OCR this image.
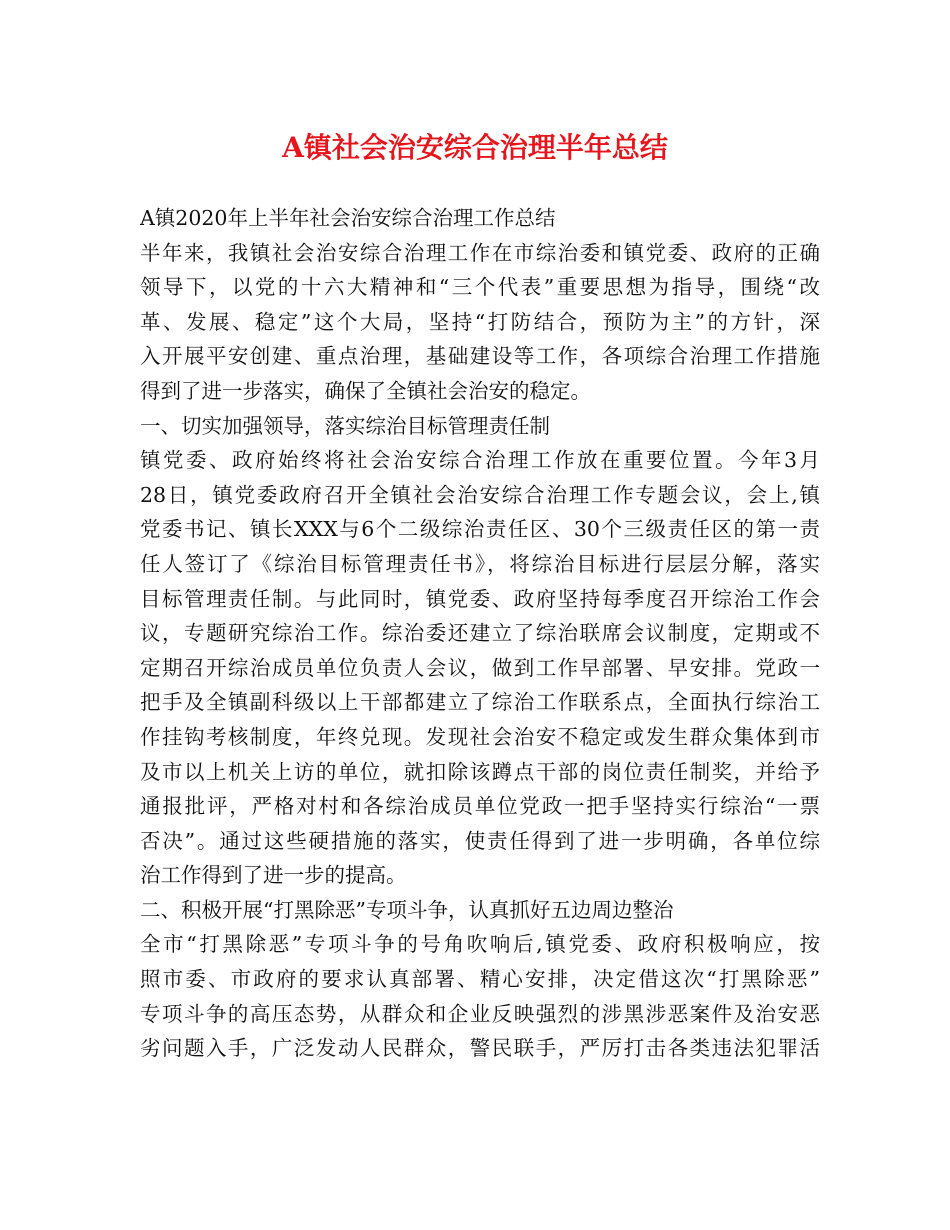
A镇社会治安综合治理半年总结
A镇2020年上半年社会治安综合治理工作总结
半年来，我镇社会治安综合治理工作在市综治委和镇党委、政府的正确
领导下，以党的十六大精神和“三个代表”重要思想为指导，围绕“改
革、发展、稳定”这个大局，坚持“打防结合，预防为主”的方针，深
入开展平安创建、重点治理，基础建设等工作，各项综合治理工作措施
得到了进一步落实，确保了全镇社会治安的稳定。
一、切实加强领导，落实综治目标管理责任制
镇党委、政府始终将社会治安综合治理工作放在重要位置。今年3月
28日，镇党委政府召开全镇社会治安综合治理工作专题会议，会上,镇
党委书记、镇长XXX与6个二级综治责任区、30个三级责任区的第一责
任人签订了《综治目标管理责任书》，将综治目标进行层层分解，落实
目标管理责任制。与此同时，镇党委、政府坚持每季度召开综治工作会
议，专题研究综治工作。综治委还建立了综治联席会议制度，定期或不
定期召开综治成员单位负责人会议，做到工作早部署、早安排。党政一
把手及全镇副科级以上干部都建立了综治工作联系点，全面执行综治工
作挂钩考核制度，年终兑现。发现社会治安不稳定或发生群众集体到市
及市以上机关上访的单位，就扣除该蹲点干部的岗位责任制奖，并给予
通报批评，严格对村和各综治成员单位党政一把手坚持实行综治“一票
否决”。通过这些硬措施的落实，使责任得到了进一步明确，各单位综
治工作得到了进一步的提高。
二、积极开展“打黑除恶”专项斗争，认真抓好五边周边整治
全市“打黑除恶”专项斗争的号角吹响后,镇党委、政府积极响应，按
照市委、市政府的要求认真部署、精心安排，决定借这次“打黑除恶”
专项斗争的高压态势，从群众和企业反映强烈的涉黑涉恶案件及治安恶
劣问题入手，广泛发动人民群众，警民联手，严厉打击各类违法犯罪活
